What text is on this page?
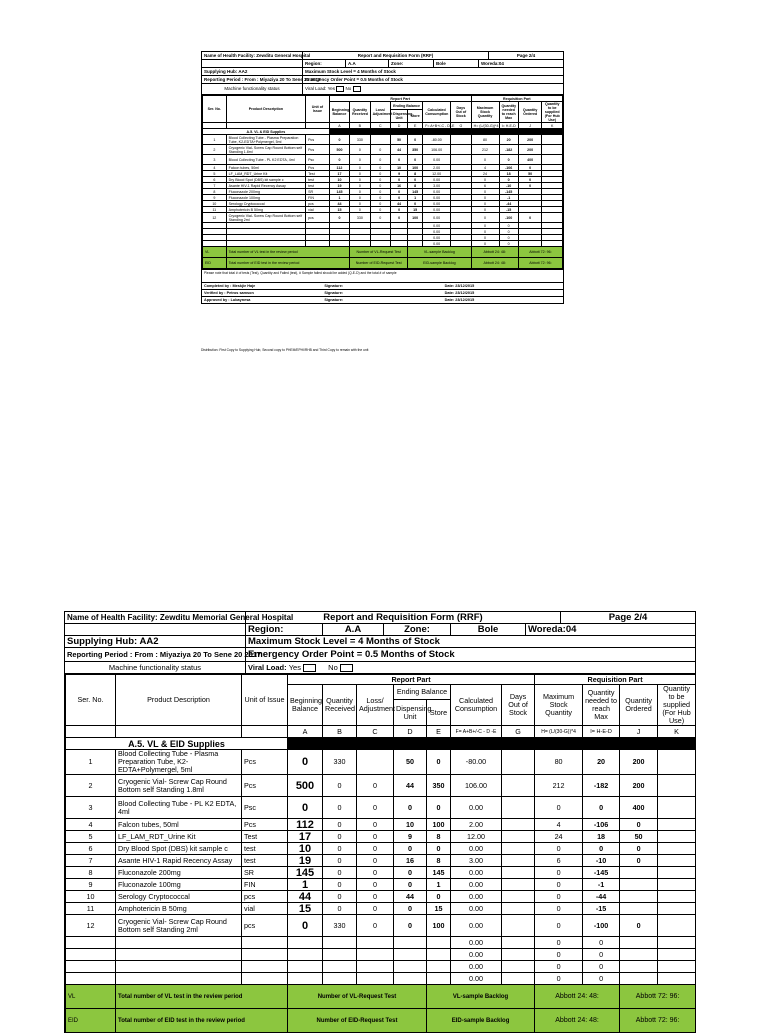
Name of Health Facility: Zewditu General Hospital	Report and Requisition Form (RRF)	Page 2/4
Region:	A.A	Zone:	Bole	Woreda:04
Supplying Hub: AA2	Maximum Stock Level = 4 Months of Stock
Reporting Period : From : Miyaziya 20 To Sene 20 2017
Emergency Order Point = 0.5 Months of Stock
Machine functionality status	Viral Load: Yes No
Ser. No.	Product Description	Unit of Issue	Report Part							Requisition Part			
			Beginning Balance	Quantity Received	Loss/ Adjustment	Ending Balance		Calculated Consumption	Days Out of Stock	Maximum Stock Quantity	Quantity needed to reach Max	Quantity Ordered	Quantity to be supplied (For Hub Use)
						Dispensing Unit	Store						
			A	B	C	D	E	F= A+B+/-C - D -E	G	H= (L/(30-G))*4	I= H-E-D	J	K
A.5. VL & EID Supplies													
1	Blood Collecting Tube - Plasma Preparation Tube, K2-EDTA+Polymergel, 5ml	Pcs	0	330		50	0	-80.00		80	20	200	
2	Cryogenic Vial- Screw Cap Round Bottom self Standing 1.8ml	Pcs	500	0	0	44	350	106.00		212	-182	200	
3	Blood Collecting Tube - PL K2 EDTA, 4ml	Psc	0	0	0	0	0	0.00		0	0	400	
4	Falcon tubes, 50ml	Pcs	112	0	0	10	100	2.00		4	-106	0	
5	LF_LAM_RDT_Urine Kit	Test	17	0	0	9	8	12.00		24	18	50	
6	Dry Blood Spot (DBS) kit sample c	test	10	0	0	0	0	0.00		0	0	0	
7	Asante HIV-1 Rapid Recency Assay	test	19	0	0	16	8	3.00		6	-10	0	
8	Fluconazole 200mg	SR	145	0	0	0	145	0.00		0	-145		
9	Fluconazole 100mg	FIN	1	0	0	0	1	0.00		0	-1		
10	Serology Cryptococcal	pcs	44	0	0	44	0	0.00		0	-44		
11	Amphotericin B 50mg	vial	15	0	0	0	15	0.00		0	-15		
12	Cryogenic Vial- Screw Cap Round Bottom self Standing 2ml	pcs	0	330	0	0	100	0.00		0	-100	0	
								0.00		0	0		
								0.00		0	0		
								0.00		0	0		
								0.00		0	0		
VL	Total number of VL test in the review period			Number of VL-Request Test			VL-sample Backlog			Abbott 24: 48:		Abbott 72: 96:	
EID	Total number of EID test in the review period			Number of EID-Request Test			EID-sample Backlog			Abbott 24: 48:		Abbott 72: 96:	
Please note that total # of tests (Test), Quantity and Failed (test), # Sample failed should be added (Q-E-D) and the total # of sample
Completed by : Meskjie Haje	Signature:	Date: 23/12/2015
Verified by : Petros samson	Signature:	Date: 23/12/2015
Approved by : Lubaynesa	Signature:	Date: 23/12/2015
Distribution: First Copy to Supplying Hub, Second copy to PHEM/EPHI/RHB and Third Copy to remain with the unit
Name of Health Facility: Zewditu Memorial General Hospital	Report and Requisition Form (RRF)	Page 2/4
Region:	A.A	Zone:	Bole	Woreda:04
Supplying Hub: AA2	Maximum Stock Level = 4 Months of Stock
Reporting Period : From : Miyaziya 20 To Sene 20 2017
Emergency Order Point = 0.5 Months of Stock
Machine functionality status	Viral Load: Yes	No
Ser. No.	Product Description	Unit of Issue	Report Part							Requisition Part			
			Beginning Balance	Quantity Received	Loss/ Adjustment	Ending Balance		Calculated Consumption	Days Out of Stock	Maximum Stock Quantity	Quantity needed to reach Max	Quantity Ordered	Quantity to be supplied (For Hub Use)
						Dispensing Unit	Store						
			A	B	C	D	E	F= A+B+/-C - D -E	G	H= (L/(30-G))*4	I= H-E-D	J	K
A.5. VL & EID Supplies													
1	Blood Collecting Tube - Plasma Preparation Tube, K2-EDTA+Polymergel, 5ml	Pcs	0	330		50	0	-80.00		80	20	200	
2	Cryogenic Vial- Screw Cap Round Bottom self Standing 1.8ml	Pcs	500	0	0	44	350	106.00		212	-182	200	
3	Blood Collecting Tube - PL K2 EDTA, 4ml	Psc	0	0	0	0	0	0.00		0	0	400	
4	Falcon tubes, 50ml	Pcs	112	0	0	10	100	2.00		4	-106	0	
5	LF_LAM_RDT_Urine Kit	Test	17	0	0	9	8	12.00		24	18	50	
6	Dry Blood Spot (DBS) kit sample c	test	10	0	0	0	0	0.00		0	0	0	
7	Asante HIV-1 Rapid Recency Assay	test	19	0	0	16	8	3.00		6	-10	0	
8	Fluconazole 200mg	SR	145	0	0	0	145	0.00		0	-145		
9	Fluconazole 100mg	FIN	1	0	0	0	1	0.00		0	-1		
10	Serology Cryptococcal	pcs	44	0	0	44	0	0.00		0	-44		
11	Amphotericin B 50mg	vial	15	0	0	0	15	0.00		0	-15		
12	Cryogenic Vial- Screw Cap Round Bottom self Standing 2ml	pcs	0	330	0	0	100	0.00		0	-100	0	
								0.00		0	0		
								0.00		0	0		
								0.00		0	0		
								0.00		0	0		
VL	Total number of VL test in the review period		Number of VL-Request Test				VL-sample Backlog			Abbott 24: 48:		Abbott 72: 96:	
EID	Total number of EID test in the review period		Number of EID-Request Test				EID-sample Backlog			Abbott 24: 48:		Abbott 72: 96:	
